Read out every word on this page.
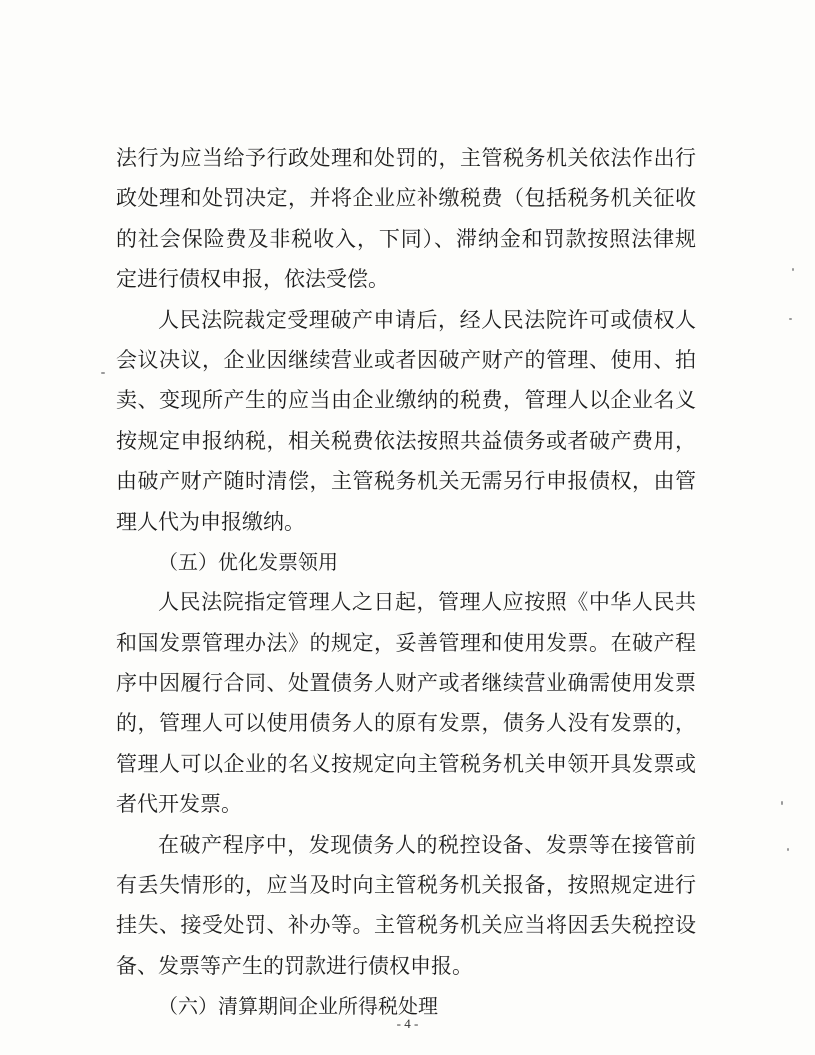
法行为应当给予行政处理和处罚的，主管税务机关依法作出行
政处理和处罚决定，并将企业应补缴税费（包括税务机关征收
的社会保险费及非税收入，下同）、滞纳金和罚款按照法律规
定进行债权申报，依法受偿。
人民法院裁定受理破产申请后，经人民法院许可或债权人
会议决议，企业因继续营业或者因破产财产的管理、使用、拍
卖、变现所产生的应当由企业缴纳的税费，管理人以企业名义
按规定申报纳税，相关税费依法按照共益债务或者破产费用，
由破产财产随时清偿，主管税务机关无需另行申报债权，由管
理人代为申报缴纳。
（五）优化发票领用
人民法院指定管理人之日起，管理人应按照《中华人民共
和国发票管理办法》的规定，妥善管理和使用发票。在破产程
序中因履行合同、处置债务人财产或者继续营业确需使用发票
的，管理人可以使用债务人的原有发票，债务人没有发票的，
管理人可以企业的名义按规定向主管税务机关申领开具发票或
者代开发票。
在破产程序中，发现债务人的税控设备、发票等在接管前
有丢失情形的，应当及时向主管税务机关报备，按照规定进行
挂失、接受处罚、补办等。主管税务机关应当将因丢失税控设
备、发票等产生的罚款进行债权申报。
（六）清算期间企业所得税处理
- 4 -
